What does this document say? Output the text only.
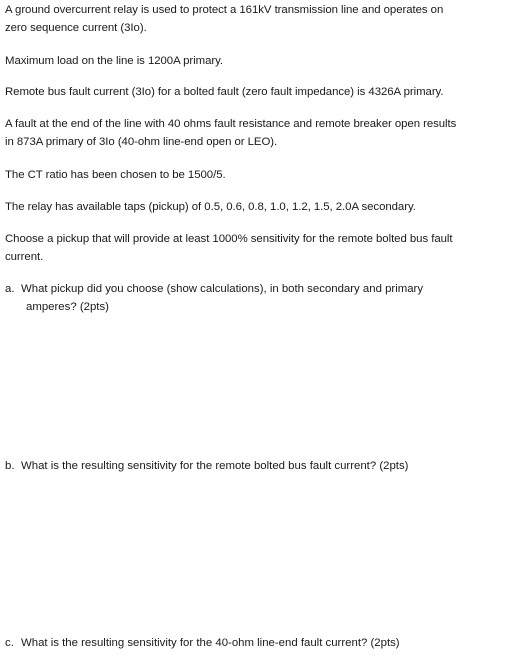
A ground overcurrent relay is used to protect a 161kV transmission line and operates on
zero sequence current (3Io).

Maximum load on the line is 1200A primary.

Remote bus fault current (3Io) for a bolted fault (zero fault impedance) is 4326A primary.

A fault at the end of the line with 40 ohms fault resistance and remote breaker open results
in 873A primary of 3Io (40-ohm line-end open or LEO).

The CT ratio has been chosen to be 1500/5.

The relay has available taps (pickup) of 0.5, 0.6, 0.8, 1.0, 1.2, 1.5, 2.0A secondary.

Choose a pickup that will provide at least 1000% sensitivity for the remote bolted bus fault
current.

a. What pickup did you choose (show calculations), in both secondary and primary
amperes? (2pts)

b. What is the resulting sensitivity for the remote bolted bus fault current? (2pts)

c. What is the resulting sensitivity for the 40-ohm line-end fault current? (2pts)
